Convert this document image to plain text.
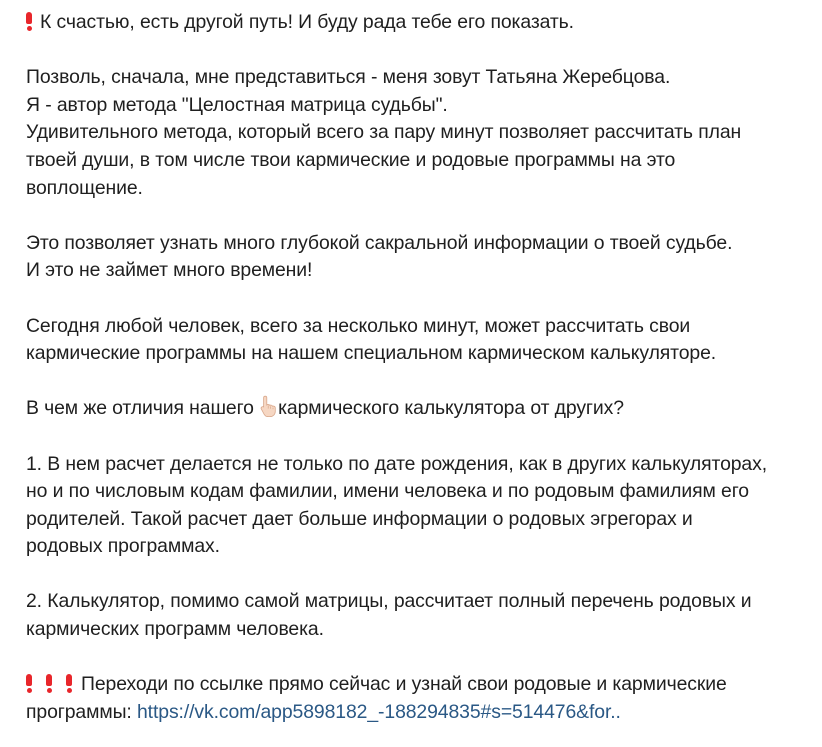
К счастью, есть другой путь! И буду рада тебе его показать.
Позволь, сначала, мне представиться - меня зовут Татьяна Жеребцова.
Я - автор метода "Целостная матрица судьбы".
Удивительного метода, который всего за пару минут позволяет рассчитать план
твоей души, в том числе твои кармические и родовые программы на это
воплощение.
Это позволяет узнать много глубокой сакральной информации о твоей судьбе.
И это не займет много времени!
Сегодня любой человек, всего за несколько минут, может рассчитать свои
кармические программы на нашем специальном кармическом калькуляторе.
В чем же отличия нашего кармического калькулятора от других?
1. В нем расчет делается не только по дате рождения, как в других калькуляторах,
но и по числовым кодам фамилии, имени человека и по родовым фамилиям его
родителей. Такой расчет дает больше информации о родовых эгрегорах и
родовых программах.
2. Калькулятор, помимо самой матрицы, рассчитает полный перечень родовых и
кармических программ человека.
Переходи по ссылке прямо сейчас и узнай свои родовые и кармические
программы: https://vk.com/app5898182_-188294835#s=514476&for..
